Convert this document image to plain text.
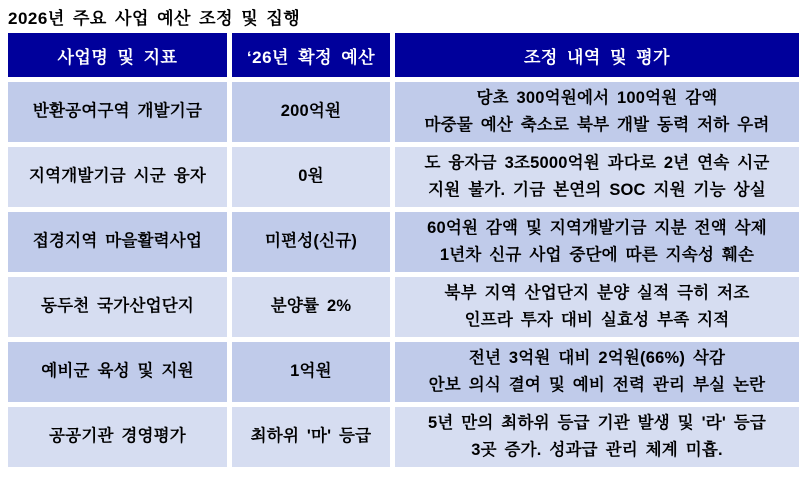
2026년 주요 사업 예산 조정 및 집행
사업명 및 지표	‘26년 확정 예산	조정 내역 및 평가
반환공여구역 개발기금	200억원	당초 300억원에서 100억원 감액
마중물 예산 축소로 북부 개발 동력 저하 우려

지역개발기금 시군 융자	0원	도 융자금 3조5000억원 과다로 2년 연속 시군
지원 불가. 기금 본연의 SOC 지원 기능 상실

접경지역 마을활력사업	미편성(신규)	60억원 감액 및 지역개발기금 지분 전액 삭제
1년차 신규 사업 중단에 따른 지속성 훼손

동두천 국가산업단지	분양률 2%	북부 지역 산업단지 분양 실적 극히 저조
인프라 투자 대비 실효성 부족 지적

예비군 육성 및 지원	1억원	전년 3억원 대비 2억원(66%) 삭감
안보 의식 결여 및 예비 전력 관리 부실 논란

공공기관 경영평가	최하위 '마' 등급	5년 만의 최하위 등급 기관 발생 및 '라' 등급
3곳 증가. 성과급 관리 체계 미흡.
